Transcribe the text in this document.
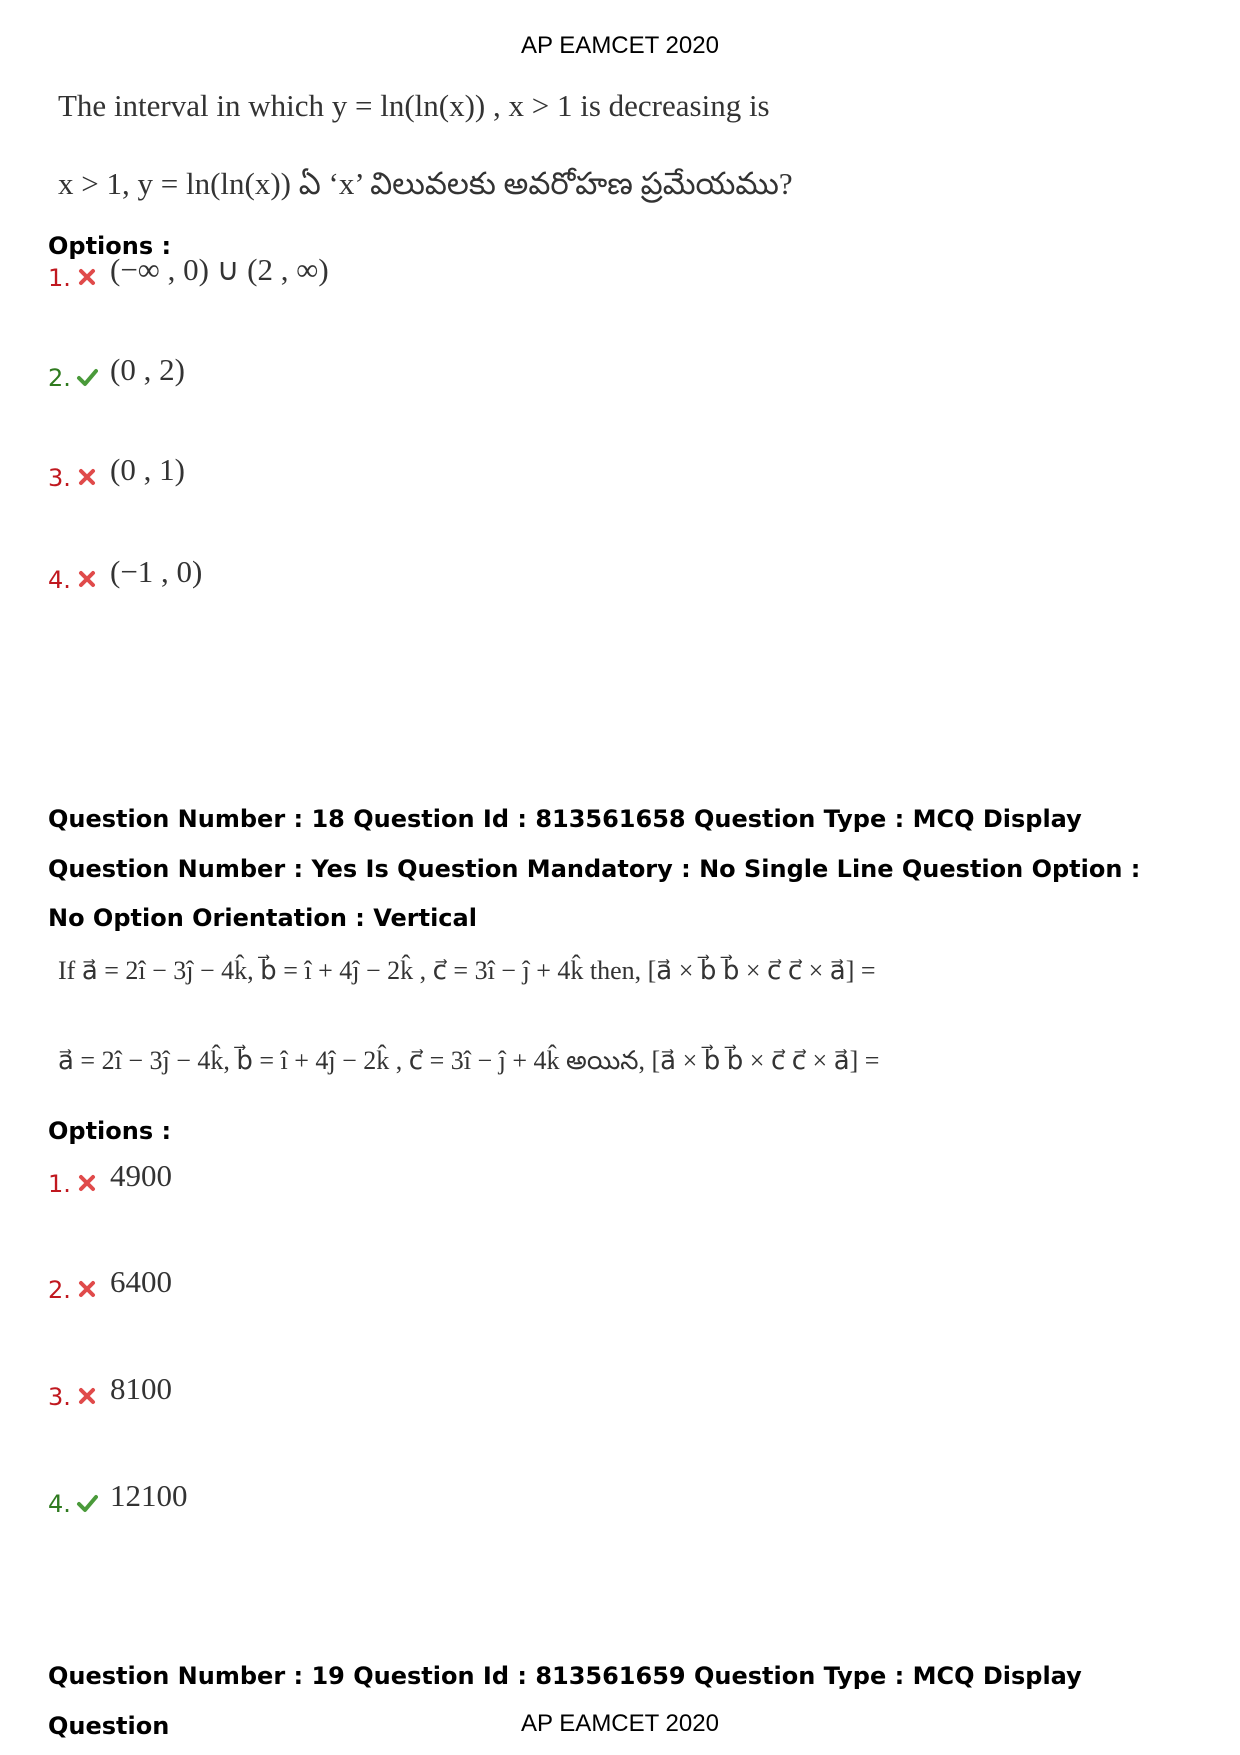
AP EAMCET 2020
The interval in which y = ln(ln(x)) , x > 1 is decreasing is
x > 1, y = ln(ln(x)) ఏ ‘x’ విలువలకు అవరోహణ ప్రమేయము?
Options :
1. (−∞ , 0) ∪ (2 , ∞)
2. (0 , 2)
3. (0 , 1)
4. (−1 , 0)
Question Number : 18 Question Id : 813561658 Question Type : MCQ Display Question Number : Yes Is Question Mandatory : No Single Line Question Option : No Option Orientation : Vertical
If a⃗ = 2î − 3ĵ − 4k̂, b⃗ = î + 4ĵ − 2k̂ , c⃗ = 3î − ĵ + 4k̂ then, [a⃗ × b⃗ b⃗ × c⃗ c⃗ × a⃗] =
a⃗ = 2î − 3ĵ − 4k̂, b⃗ = î + 4ĵ − 2k̂ , c⃗ = 3î − ĵ + 4k̂ అయిన, [a⃗ × b⃗ b⃗ × c⃗ c⃗ × a⃗] =
Options :
1. 4900
2. 6400
3. 8100
4. 12100
Question Number : 19 Question Id : 813561659 Question Type : MCQ Display Question	AP EAMCET 2020
